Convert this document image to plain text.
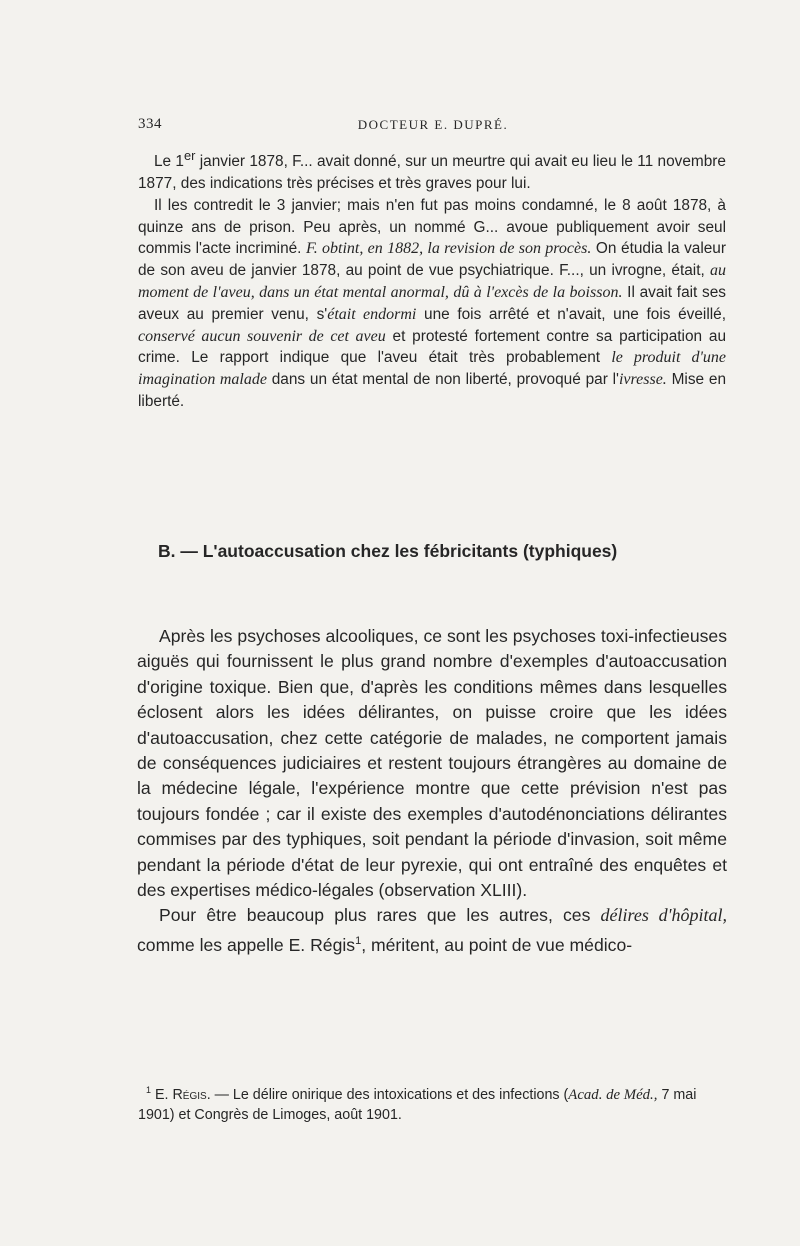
334	DOCTEUR E. DUPRÉ.

Le 1er janvier 1878, F... avait donné, sur un meurtre qui avait eu lieu le 11 novembre 1877, des indications très précises et très graves pour lui.

Il les contredit le 3 janvier; mais n'en fut pas moins condamné, le 8 août 1878, à quinze ans de prison. Peu après, un nommé G... avoue publiquement avoir seul commis l'acte incriminé. F. obtint, en 1882, la revision de son procès. On étudia la valeur de son aveu de janvier 1878, au point de vue psychiatrique. F..., un ivrogne, était, au moment de l'aveu, dans un état mental anormal, dû à l'excès de la boisson. Il avait fait ses aveux au premier venu, s'était endormi une fois arrêté et n'avait, une fois éveillé, conservé aucun souvenir de cet aveu et protesté fortement contre sa participation au crime. Le rapport indique que l'aveu était très probablement le produit d'une imagination malade dans un état mental de non liberté, provoqué par l'ivresse. Mise en liberté.

B. — L'autoaccusation chez les fébricitants (typhiques)

Après les psychoses alcooliques, ce sont les psychoses toxi-infectieuses aiguës qui fournissent le plus grand nombre d'exemples d'autoaccusation d'origine toxique. Bien que, d'après les conditions mêmes dans lesquelles éclosent alors les idées délirantes, on puisse croire que les idées d'autoaccusation, chez cette catégorie de malades, ne comportent jamais de conséquences judiciaires et restent toujours étrangères au domaine de la médecine légale, l'expérience montre que cette prévision n'est pas toujours fondée ; car il existe des exemples d'autodénonciations délirantes commises par des typhiques, soit pendant la période d'invasion, soit même pendant la période d'état de leur pyrexie, qui ont entraîné des enquêtes et des expertises médico-légales (observation XLIII).

Pour être beaucoup plus rares que les autres, ces délires d'hôpital, comme les appelle E. Régis$^1$, méritent, au point de vue médico-

$^1$ E. Régis. — Le délire onirique des intoxications et des infections (Acad. de Méd., 7 mai 1901) et Congrès de Limoges, août 1901.
